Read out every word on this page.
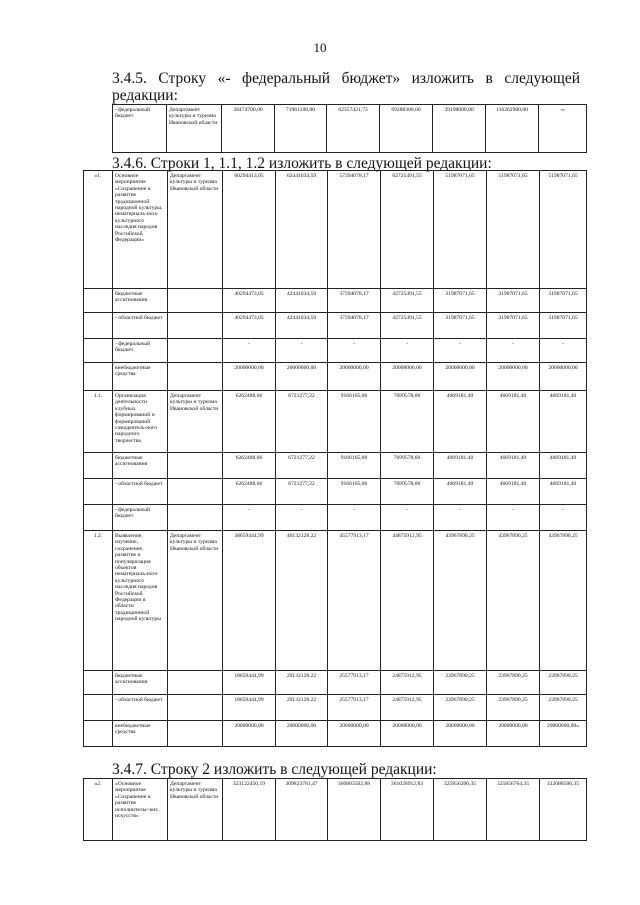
10
3.4.5. Строку «- федеральный бюджет» изложить в следующей
редакции:
- федеральный бюджет	Департамент культуры и туризма Ивановской области	28474700,00	71961100,00	62357421,73	69288300,00	39198000,00	116262900,00	-»
3.4.6. Строки 1, 1.1, 1.2 изложить в следующей редакции:
«1.	Основное мероприятие «Сохранение и развитие традиционной народной культуры, нематериаль-ного культурного наследия народов Российской Федерации»	Департамент культуры и туризма Ивановской области	60294413,05	62441034,59	57394078,17	62725491,55	51987071,65	51987071,65	51987071,65
	бюджетные ассигнования		40294473,05	42441034,59	37394078,17	42725491,55	31987071,65	31987071,65	31987071,65
	- областной бюджет		40294473,05	42441034,59	37394078,17	42725491,55	31987071,65	31987071,65	31987071,65
	- федеральный бюджет		-	-	-	-	-	-	-
	внебюджетные средства		20000000,00	20000000,00	20000000,00	20000000,00	20000000,00	20000000,00	20000000,00
1.1.	Организация деятельности клубных формирований и формирований самодеятель-ного народного творчества	Департамент культуры и туризма Ивановской области	6262488,06	6721277,22	9166165,00	7699578,60	4669181,40	4669181,40	4669181,40
	бюджетные ассигнования		6262488,06	6721277,22	9166165,00	7699578,60	4669181,40	4669181,40	4669181,40
	- областной бюджет		6262488,06	6721277,22	9166165,00	7699578,60	4669181,40	4669181,40	4669181,40
	- федеральный бюджет		-	-	-	-	-	-	-
1.2.	Выявление, изучение, сохранение, развитие и популяризация объектов нематериаль-ного культурного наследия народов Российской Федерации в области традиционной народной культуры	Департамент культуры и туризма Ивановской области	38659444,99	40132128,22	45577913,17	44875912,95	43967890,25	43967890,25	43967890,25
	бюджетные ассигнования		18659444,99	20132128,22	25577913,17	24875912,95	23967890,25	23967890,25	23967890,25
	- областной бюджет		18659444,99	20132128,22	25577913,17	24875912,95	23967890,25	23967890,25	23967890,25
	внебюджетные средства		20000000,00	20000000,00	20000000,00	20000000,00	20000000,00	20000000,00	20000000,00»
3.4.7. Строку 2 изложить в следующей редакции:
«2.	«Основное мероприятие «Сохранение и развитие исполнительс-ких искусств»	Департамент культуры и туризма Ивановской области	323122450,19	309823781,47	360803502,88	361028912,83	325856206,35	325856764,35	312088506,35
